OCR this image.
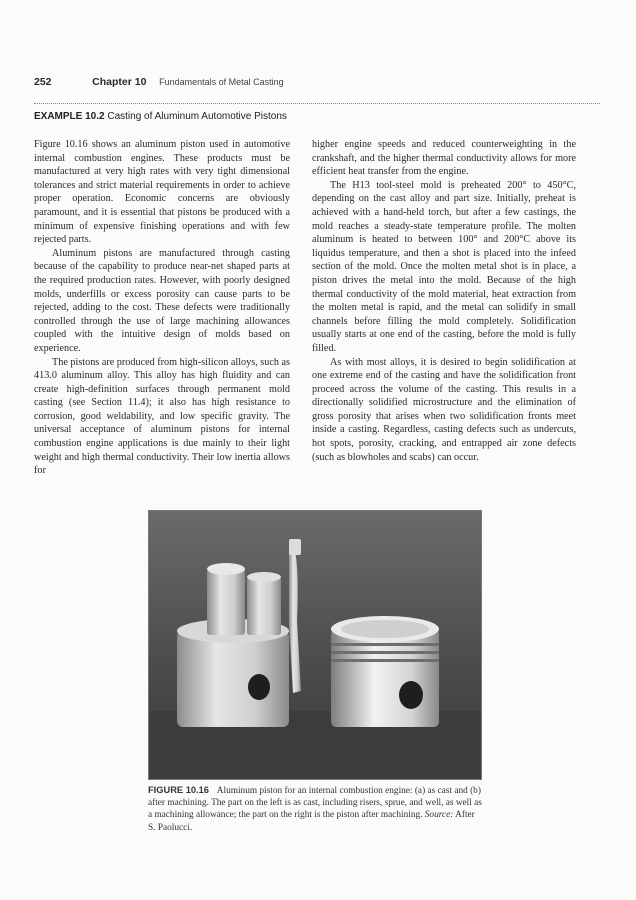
252	Chapter 10 Fundamentals of Metal Casting
EXAMPLE 10.2 Casting of Aluminum Automotive Pistons

Figure 10.16 shows an aluminum piston used in automotive internal combustion engines. These products must be manufactured at very high rates with very tight dimensional tolerances and strict material requirements in order to achieve proper operation. Economic concerns are obviously paramount, and it is essential that pistons be produced with a minimum of expensive finishing operations and with few rejected parts.

Aluminum pistons are manufactured through casting because of the capability to produce near-net shaped parts at the required production rates. However, with poorly designed molds, underfills or excess porosity can cause parts to be rejected, adding to the cost. These defects were traditionally controlled through the use of large machining allowances coupled with the intuitive design of molds based on experience.

The pistons are produced from high-silicon alloys, such as 413.0 aluminum alloy. This alloy has high fluidity and can create high-definition surfaces through permanent mold casting (see Section 11.4); it also has high resistance to corrosion, good weldability, and low specific gravity. The universal acceptance of aluminum pistons for internal combustion engine applications is due mainly to their light weight and high thermal conductivity. Their low inertia allows for

higher engine speeds and reduced counterweighting in the crankshaft, and the higher thermal conductivity allows for more efficient heat transfer from the engine.

The H13 tool-steel mold is preheated 200° to 450°C, depending on the cast alloy and part size. Initially, preheat is achieved with a hand-held torch, but after a few castings, the mold reaches a steady-state temperature profile. The molten aluminum is heated to between 100° and 200°C above its liquidus temperature, and then a shot is placed into the infeed section of the mold. Once the molten metal shot is in place, a piston drives the metal into the mold. Because of the high thermal conductivity of the mold material, heat extraction from the molten metal is rapid, and the metal can solidify in small channels before filling the mold completely. Solidification usually starts at one end of the casting, before the mold is fully filled.

As with most alloys, it is desired to begin solidification at one extreme end of the casting and have the solidification front proceed across the volume of the casting. This results in a directionally solidified microstructure and the elimination of gross porosity that arises when two solidification fronts meet inside a casting. Regardless, casting defects such as undercuts, hot spots, porosity, cracking, and entrapped air zone defects (such as blowholes and scabs) can occur.

FIGURE 10.16 Aluminum piston for an internal combustion engine: (a) as cast and (b) after machining. The part on the left is as cast, including risers, sprue, and well, as well as a machining allowance; the part on the right is the piston after machining. Source: After S. Paolucci.
